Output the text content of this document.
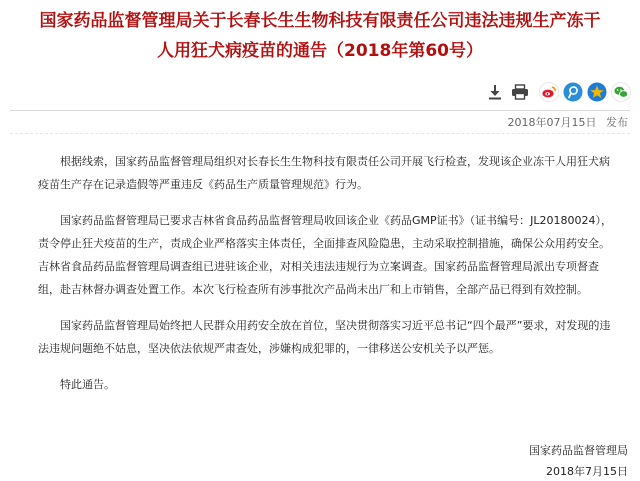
国家药品监督管理局关于长春长生生物科技有限责任公司违法违规生产冻干
人用狂犬病疫苗的通告（2018年第60号）
2018年07月15日 发布
根据线索，国家药品监督管理局组织对长春长生生物科技有限责任公司开展飞行检查，发现该企业冻干人用狂犬病
疫苗生产存在记录造假等严重违反《药品生产质量管理规范》行为。
国家药品监督管理局已要求吉林省食品药品监督管理局收回该企业《药品GMP证书》（证书编号：JL20180024），
责令停止狂犬疫苗的生产，责成企业严格落实主体责任，全面排查风险隐患，主动采取控制措施，确保公众用药安全。
吉林省食品药品监督管理局调查组已进驻该企业，对相关违法违规行为立案调查。国家药品监督管理局派出专项督查
组，赴吉林督办调查处置工作。本次飞行检查所有涉事批次产品尚未出厂和上市销售，全部产品已得到有效控制。
国家药品监督管理局始终把人民群众用药安全放在首位，坚决贯彻落实习近平总书记“四个最严”要求，对发现的违
法违规问题绝不姑息，坚决依法依规严肃查处，涉嫌构成犯罪的，一律移送公安机关予以严惩。
特此通告。
国家药品监督管理局
2018年7月15日
